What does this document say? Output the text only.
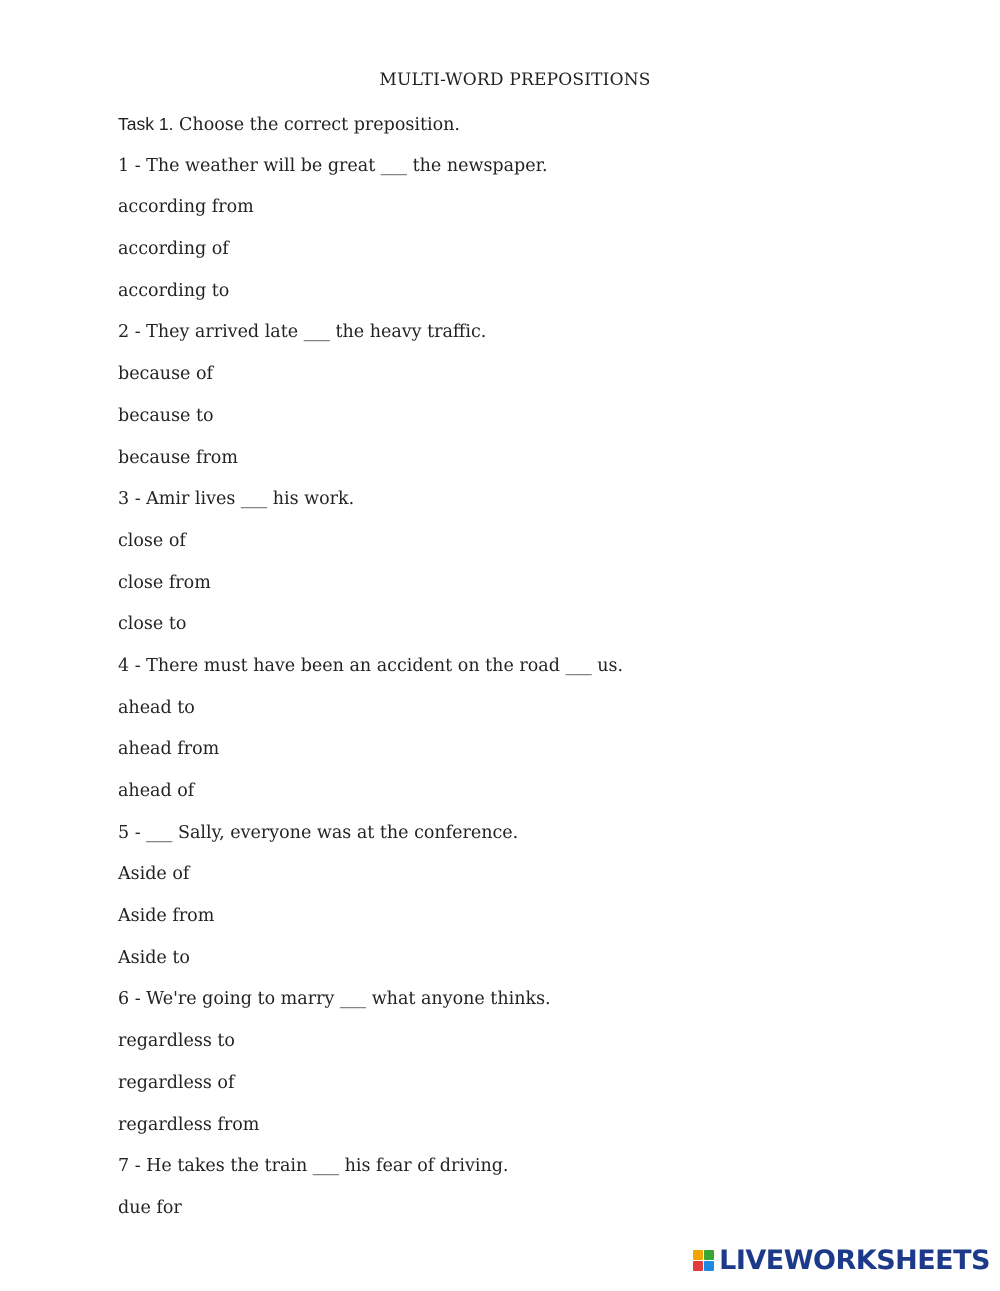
MULTI-WORD PREPOSITIONS
Task 1. Choose the correct preposition.
1 - The weather will be great ___ the newspaper.
according from
according of
according to
2 - They arrived late ___ the heavy traffic.
because of
because to
because from
3 - Amir lives ___ his work.
close of
close from
close to
4 - There must have been an accident on the road ___ us.
ahead to
ahead from
ahead of
5 - ___ Sally, everyone was at the conference.
Aside of
Aside from
Aside to
6 - We're going to marry ___ what anyone thinks.
regardless to
regardless of
regardless from
7 - He takes the train ___ his fear of driving.
due for
LIVEWORKSHEETS
